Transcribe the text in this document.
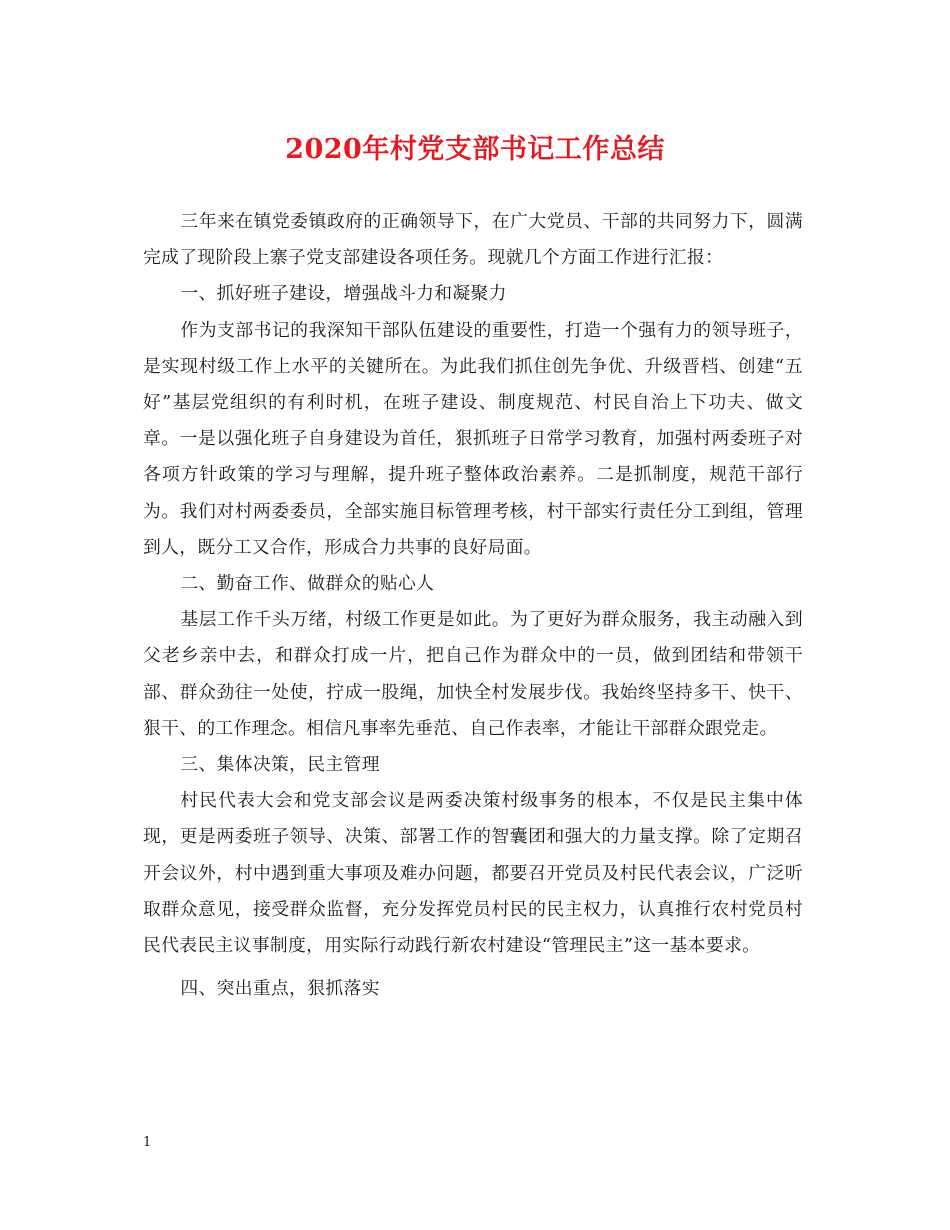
2020年村党支部书记工作总结

三年来在镇党委镇政府的正确领导下，在广大党员、干部的共同努力下，圆满完成了现阶段上寨子党支部建设各项任务。现就几个方面工作进行汇报：

一、抓好班子建设，增强战斗力和凝聚力

作为支部书记的我深知干部队伍建设的重要性，打造一个强有力的领导班子，是实现村级工作上水平的关键所在。为此我们抓住创先争优、升级晋档、创建“五好”基层党组织的有利时机，在班子建设、制度规范、村民自治上下功夫、做文章。一是以强化班子自身建设为首任，狠抓班子日常学习教育，加强村两委班子对各项方针政策的学习与理解，提升班子整体政治素养。二是抓制度，规范干部行为。我们对村两委委员，全部实施目标管理考核，村干部实行责任分工到组，管理到人，既分工又合作，形成合力共事的良好局面。

二、勤奋工作、做群众的贴心人

基层工作千头万绪，村级工作更是如此。为了更好为群众服务，我主动融入到父老乡亲中去，和群众打成一片，把自己作为群众中的一员，做到团结和带领干部、群众劲往一处使，拧成一股绳，加快全村发展步伐。我始终坚持多干、快干、狠干、的工作理念。相信凡事率先垂范、自己作表率，才能让干部群众跟党走。

三、集体决策，民主管理

村民代表大会和党支部会议是两委决策村级事务的根本，不仅是民主集中体现，更是两委班子领导、决策、部署工作的智囊团和强大的力量支撑。除了定期召开会议外，村中遇到重大事项及难办问题，都要召开党员及村民代表会议，广泛听取群众意见，接受群众监督，充分发挥党员村民的民主权力，认真推行农村党员村民代表民主议事制度，用实际行动践行新农村建设“管理民主”这一基本要求。

四、突出重点，狠抓落实

1
